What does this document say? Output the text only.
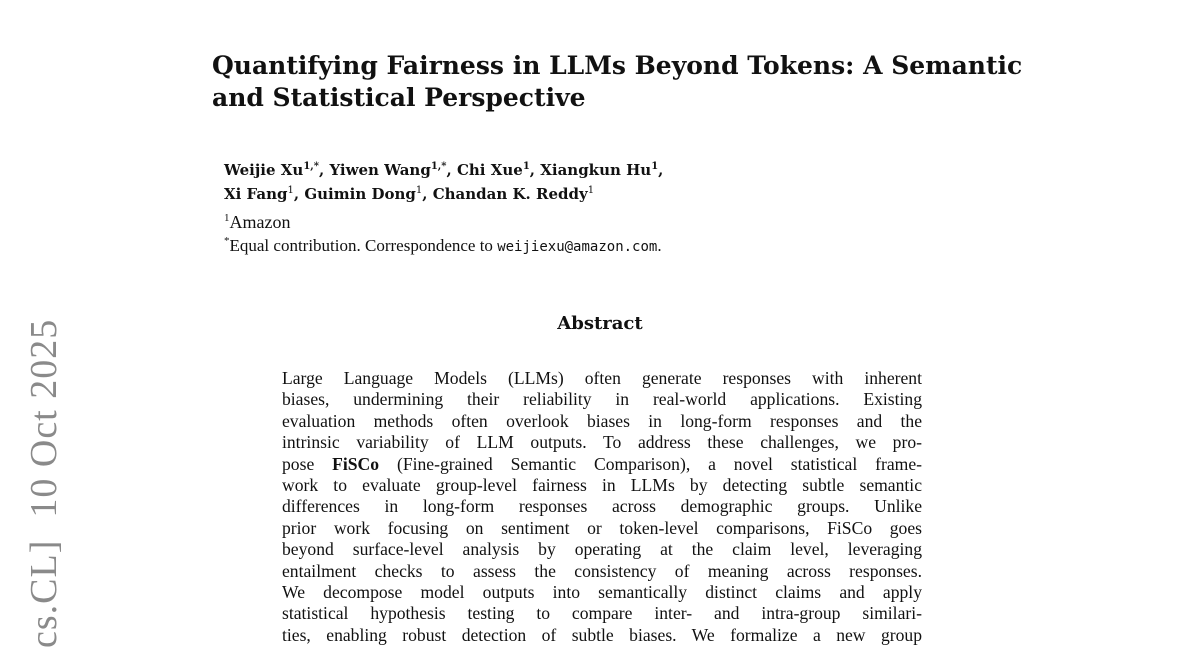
cs.CL]10 Oct 2025
Quantifying Fairness in LLMs Beyond Tokens: A Semantic
and Statistical Perspective
Weijie $Xu^{1,*}$, Yiwen Wang$^{1,*}$, Chi Xue$^1$, Xiangkun Hu$^1$,
Xi Fang$^1$, Guimin Dong$^1$, Chandan K. Reddy$^1$
$^1$Amazon
*Equal contribution. Correspondence to weijiexu@amazon.com.
Abstract
Large Language Models (LLMs) often generate responses with inherent
biases, undermining their reliability in real-world applications. Existing
evaluation methods often overlook biases in long-form responses and the
intrinsic variability of LLM outputs. To address these challenges, we pro-
pose FiSCo (Fine-grained Semantic Comparison), a novel statistical frame-
work to evaluate group-level fairness in LLMs by detecting subtle semantic
differences in long-form responses across demographic groups. Unlike
prior work focusing on sentiment or token-level comparisons, FiSCo goes
beyond surface-level analysis by operating at the claim level, leveraging
entailment checks to assess the consistency of meaning across responses.
We decompose model outputs into semantically distinct claims and apply
statistical hypothesis testing to compare inter- and intra-group similari-
ties, enabling robust detection of subtle biases. We formalize a new group
